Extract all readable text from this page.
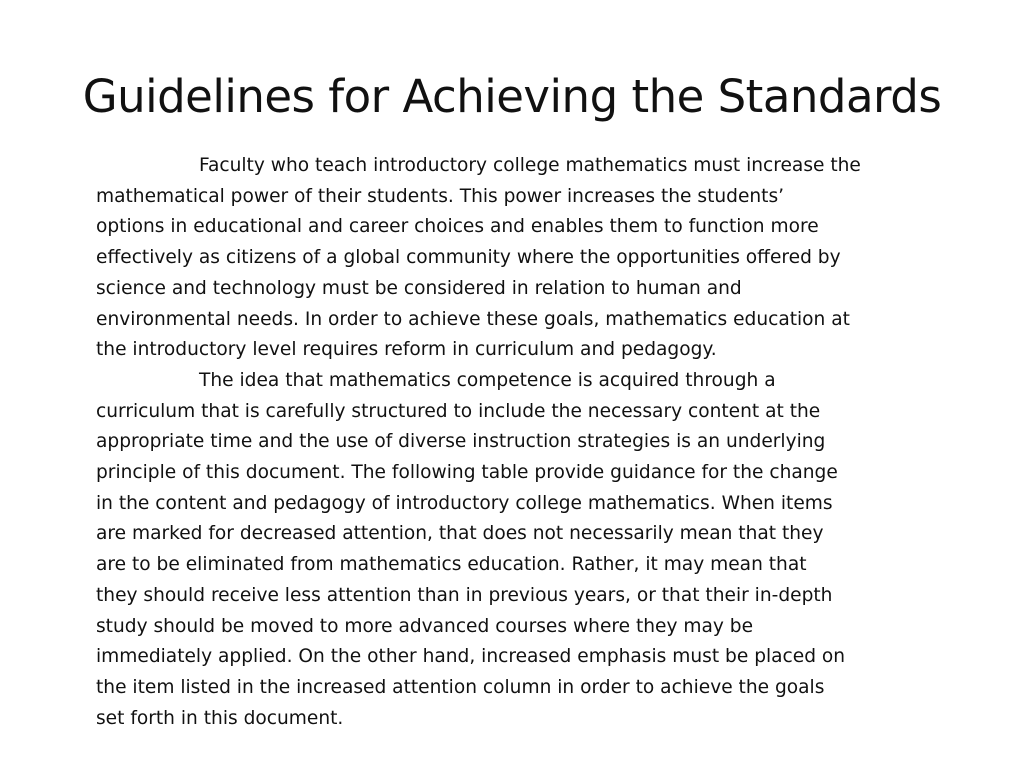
Guidelines for Achieving the Standards
Faculty who teach introductory college mathematics must increase the
mathematical power of their students. This power increases the students’
options in educational and career choices and enables them to function more
effectively as citizens of a global community where the opportunities offered by
science and technology must be considered in relation to human and
environmental needs. In order to achieve these goals, mathematics education at
the introductory level requires reform in curriculum and pedagogy.
The idea that mathematics competence is acquired through a
curriculum that is carefully structured to include the necessary content at the
appropriate time and the use of diverse instruction strategies is an underlying
principle of this document. The following table provide guidance for the change
in the content and pedagogy of introductory college mathematics. When items
are marked for decreased attention, that does not necessarily mean that they
are to be eliminated from mathematics education. Rather, it may mean that
they should receive less attention than in previous years, or that their in-depth
study should be moved to more advanced courses where they may be
immediately applied. On the other hand, increased emphasis must be placed on
the item listed in the increased attention column in order to achieve the goals
set forth in this document.
